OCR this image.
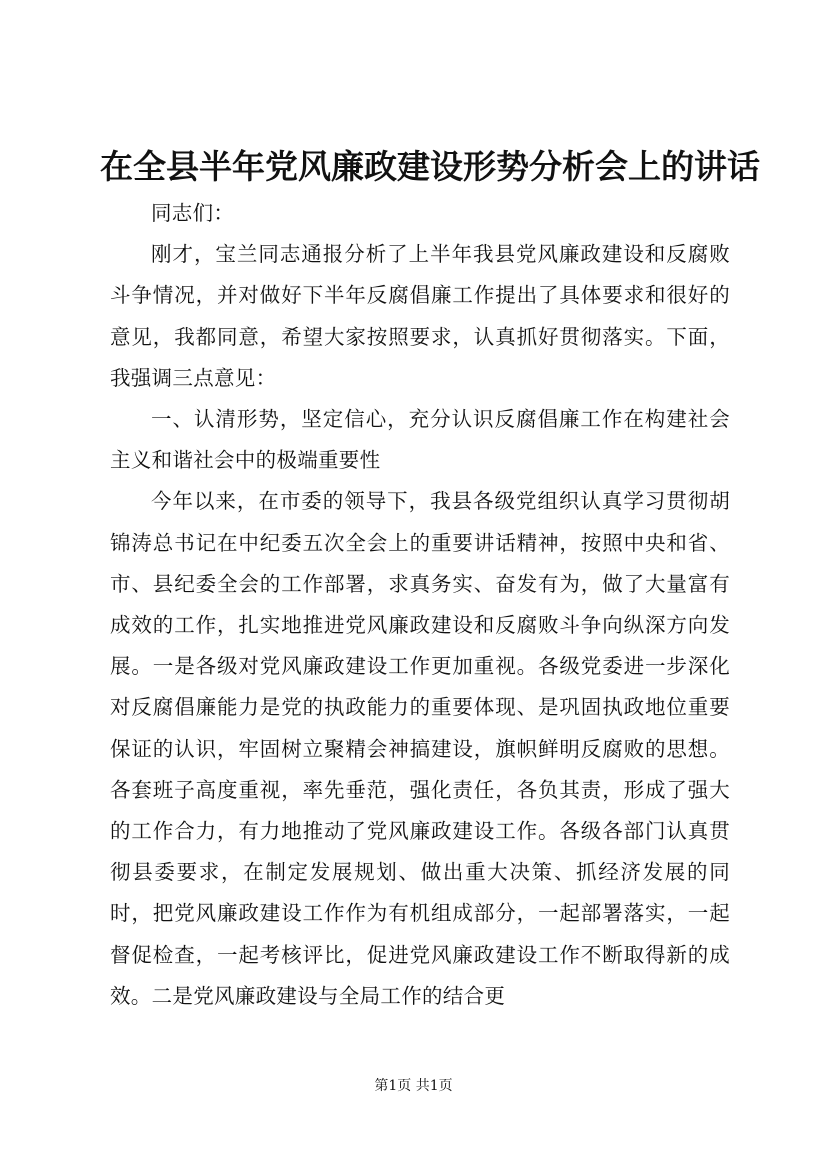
在全县半年党风廉政建设形势分析会上的讲话

同志们：

刚才，宝兰同志通报分析了上半年我县党风廉政建设和反腐败斗争情况，并对做好下半年反腐倡廉工作提出了具体要求和很好的意见，我都同意，希望大家按照要求，认真抓好贯彻落实。下面，我强调三点意见：

一、认清形势，坚定信心，充分认识反腐倡廉工作在构建社会主义和谐社会中的极端重要性

今年以来，在市委的领导下，我县各级党组织认真学习贯彻胡锦涛总书记在中纪委五次全会上的重要讲话精神，按照中央和省、市、县纪委全会的工作部署，求真务实、奋发有为，做了大量富有成效的工作，扎实地推进党风廉政建设和反腐败斗争向纵深方向发展。一是各级对党风廉政建设工作更加重视。各级党委进一步深化对反腐倡廉能力是党的执政能力的重要体现、是巩固执政地位重要保证的认识，牢固树立聚精会神搞建设，旗帜鲜明反腐败的思想。各套班子高度重视，率先垂范，强化责任，各负其责，形成了强大的工作合力，有力地推动了党风廉政建设工作。各级各部门认真贯彻县委要求，在制定发展规划、做出重大决策、抓经济发展的同时，把党风廉政建设工作作为有机组成部分，一起部署落实，一起督促检查，一起考核评比，促进党风廉政建设工作不断取得新的成效。二是党风廉政建设与全局工作的结合更

第1页 共1页
